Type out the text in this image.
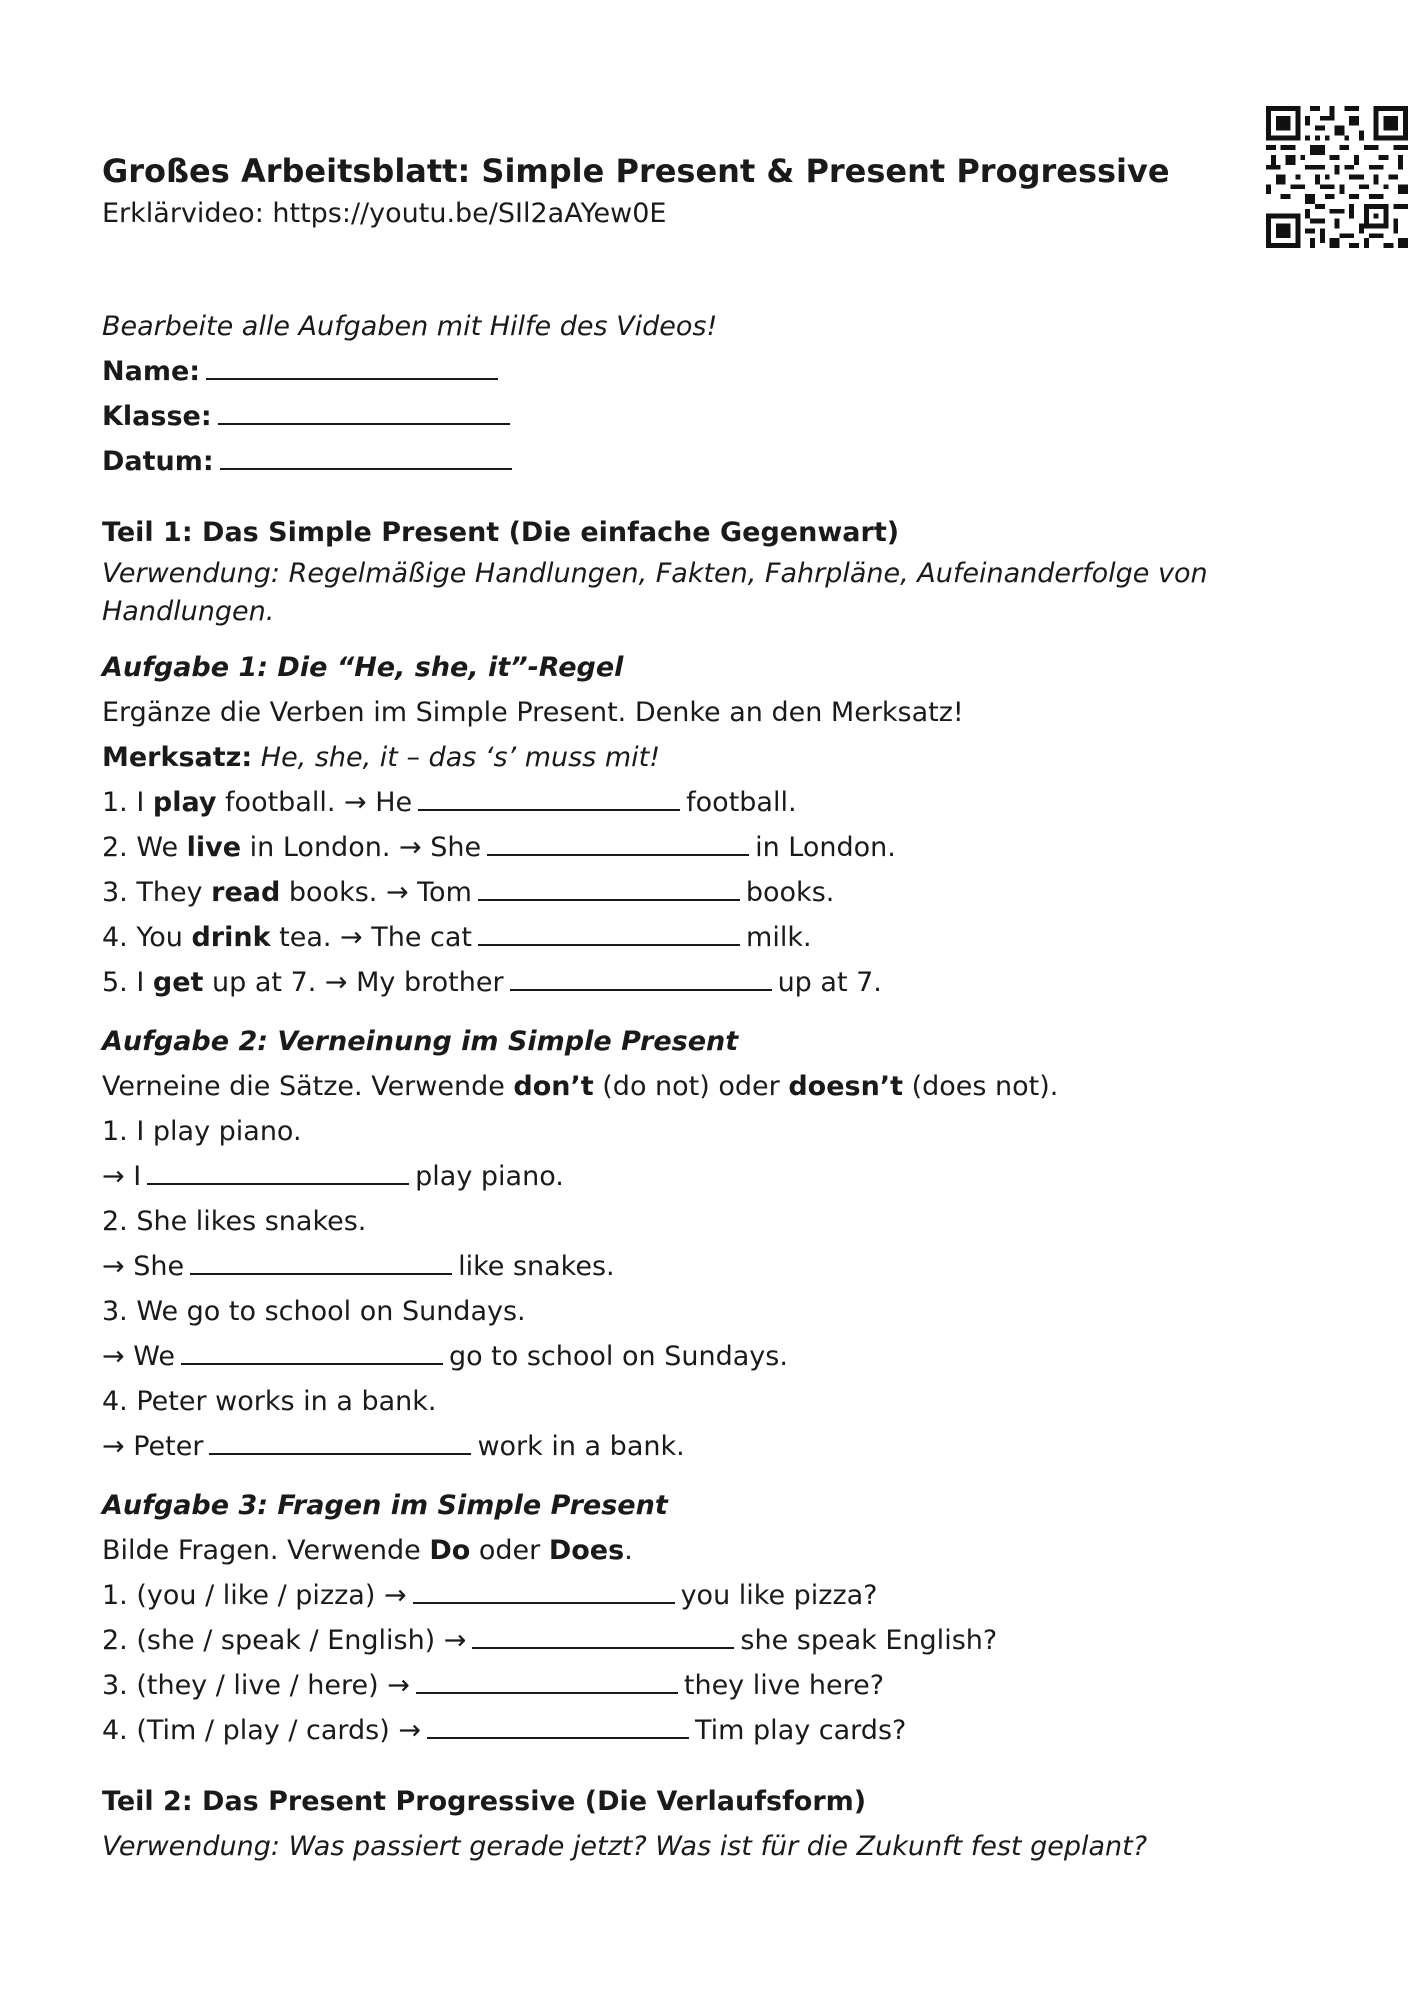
Großes Arbeitsblatt: Simple Present & Present Progressive
Erklärvideo: https://youtu.be/SIl2aAYew0E

Bearbeite alle Aufgaben mit Hilfe des Videos!

Name:

Klasse:

Datum:

Teil 1: Das Simple Present (Die einfache Gegenwart)

Verwendung: Regelmäßige Handlungen, Fakten, Fahrpläne, Aufeinanderfolge von Handlungen.

Aufgabe 1: Die “He, she, it”-Regel

Ergänze die Verben im Simple Present. Denke an den Merksatz!

Merksatz: He, she, it – das ‘s’ muss mit!

1. I play football. → He	football.

2. We live in London. → She	in London.

3. They read books. → Tom	books.

4. You drink tea. → The cat	milk.

5. I get up at 7. → My brother	up at 7.

Aufgabe 2: Verneinung im Simple Present

Verneine die Sätze. Verwende don’t (do not) oder doesn’t (does not).

1. I play piano.

→ I	play piano.

2. She likes snakes.

→ She	like snakes.

3. We go to school on Sundays.

→ We	go to school on Sundays.

4. Peter works in a bank.

→ Peter	work in a bank.

Aufgabe 3: Fragen im Simple Present

Bilde Fragen. Verwende Do oder Does.

1. (you / like / pizza) →	you like pizza?

2. (she / speak / English) →	she speak English?

3. (they / live / here) →	they live here?

4. (Tim / play / cards) →	Tim play cards?

Teil 2: Das Present Progressive (Die Verlaufsform)

Verwendung: Was passiert gerade jetzt? Was ist für die Zukunft fest geplant?
